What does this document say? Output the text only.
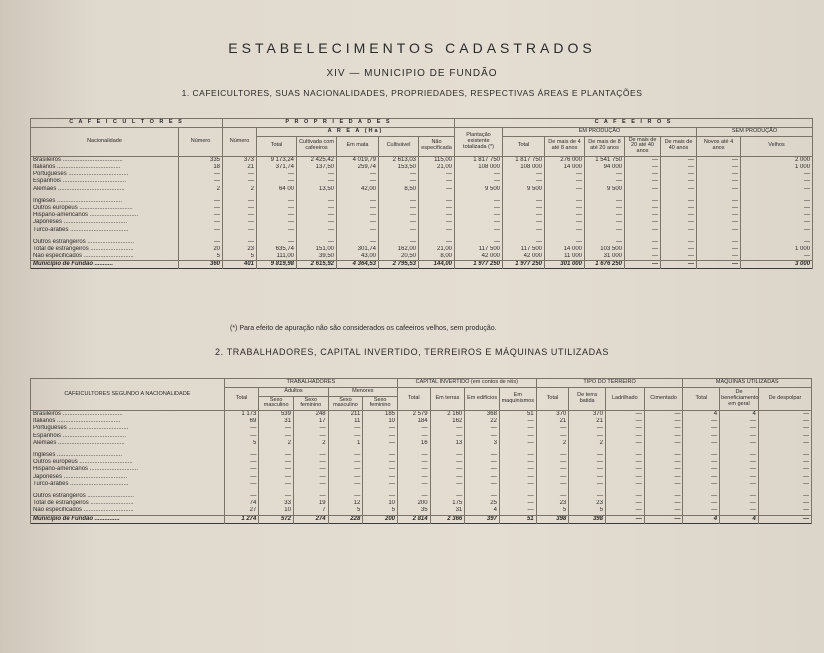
ESTABELECIMENTOS CADASTRADOS
XIV — MUNICIPIO DE FUNDÃO
1. CAFEICULTORES, SUAS NACIONALIDADES, PROPRIEDADES, RESPECTIVAS ÁREAS E PLANTAÇÕES
C A F E I C U L T O R E S		P R O P R I E D A D E S						C A F E E I R O S							
Nacionalidade	Número	Número	A R E A (Ha)					Plantação existente totalizada (*)	EM PRODUÇÃO					SEM PRODUÇÃO	
			Total	Cultivada com cafeeiros	Em mata	Cultivável	Não especificada		Total	De mais de 4 até 8 anos	De mais de 8 até 20 anos	De mais de 20 até 40 anos	De mais de 40 anos	Novos até 4 anos	Velhos

Brasileiros ....................................	335	373	9 173,24	2 425,42	4 019,79	2 613,03	115,00	1 817 750	1 817 750	276 000	1 541 750	—	—	—	2 000
Italianos ......................................	18	21	371,74	137,50	259,74	153,50	21,00	108 000	108 000	14 000	94 000	—	—	—	1 000
Portuguêses ....................................	—	—	—	—	—	—	—	—	—	—	—	—	—	—	—
Espanhóis ......................................	—	—	—	—	—	—	—	—	—	—	—	—	—	—	—
Alemães ........................................	2	2	64 00	13,50	42,00	8,50	—	9 500	9 500	—	9 500	—	—	—	—

Ingleses .......................................	—	—	—	—	—	—	—	—	—	—	—	—	—	—	—
Outros europeus ................................	—	—	—	—	—	—	—	—	—	—	—	—	—	—	—
Hispano-americanos .............................	—	—	—	—	—	—	—	—	—	—	—	—	—	—	—
Japonêses ......................................	—	—	—	—	—	—	—	—	—	—	—	—	—	—	—
Turco-árabes ...................................	—	—	—	—	—	—	—	—	—	—	—	—	—	—	—

Outros estrangeiros ............................	—	—	—	—	—	—	—	—	—	—	—	—	—	—	—
Total de estrangeiros ..........................	20	23	635,74	151,00	301,74	162,00	21,00	117 500	117 500	14 000	103 500	—	—	—	1 000
Não especificados ..............................	5	5	111,00	39,50	43,00	20,50	8,00	42 000	42 000	11 000	31 000	—	—	—	—
Município de Fundão ...........	360	401	9 819,98	2 615,92	4 364,53	2 795,53	144,00	1 977 250	1 977 250	301 000	1 676 250	—	—	—	3 000
(*) Para efeito de apuração não são considerados os cafeeiros velhos, sem produção.
2. TRABALHADORES, CAPITAL INVERTIDO, TERREIROS E MÁQUINAS UTILIZADAS
CAFEICULTORES SEGUNDO A NACIONALIDADE	TRABALHADORES					CAPITAL INVERTIDO (em contos de réis)				TIPO DO TERREIRO				MÁQUINAS UTILIZADAS		
	Total	Adultos		Menores		Total	Em terras	Em edifícios	Em maquinismos	Total	De terra batida	Ladrilhado	Cimentado	Total	De beneficiamento em geral	De despolpar
		Sexo masculino	Sexo feminino	Sexo masculino	Sexo feminino											
Brasileiros ....................................	1 173	539	248	211	185	2 579	2 160	368	51	370	370	—	—	4	4	—
Italianos ......................................	69	31	17	11	10	184	162	22	—	21	21	—	—	—	—	—
Portuguêses ....................................	—	—	—	—	—	—	—	—	—	—	—	—	—	—	—	—
Espanhóis ......................................	—	—	—	—	—	—	—	—	—	—	—	—	—	—	—	—
Alemães ........................................	5	2	2	1	—	16	13	3	—	2	2	—	—	—	—	—

Ingleses .......................................	—	—	—	—	—	—	—	—	—	—	—	—	—	—	—	—
Outros europeus ................................	—	—	—	—	—	—	—	—	—	—	—	—	—	—	—	—
Hispano-americanos .............................	—	—	—	—	—	—	—	—	—	—	—	—	—	—	—	—
Japonêses ......................................	—	—	—	—	—	—	—	—	—	—	—	—	—	—	—	—
Turco-árabes ...................................	—	—	—	—	—	—	—	—	—	—	—	—	—	—	—	—

Outros estrangeiros ............................	—	—	—	—	—	—	—	—	—	—	—	—	—	—	—	—
Total de estrangeiros ..........................	74	33	19	12	10	200	175	25	—	23	23	—	—	—	—	—
Não especificados ..............................	27	10	7	5	5	35	31	4	—	5	5	—	—	—	—	—
Município de Fundão ...............	1 274	572	274	228	200	2 814	2 366	397	51	398	398	—	—	4	4	—
